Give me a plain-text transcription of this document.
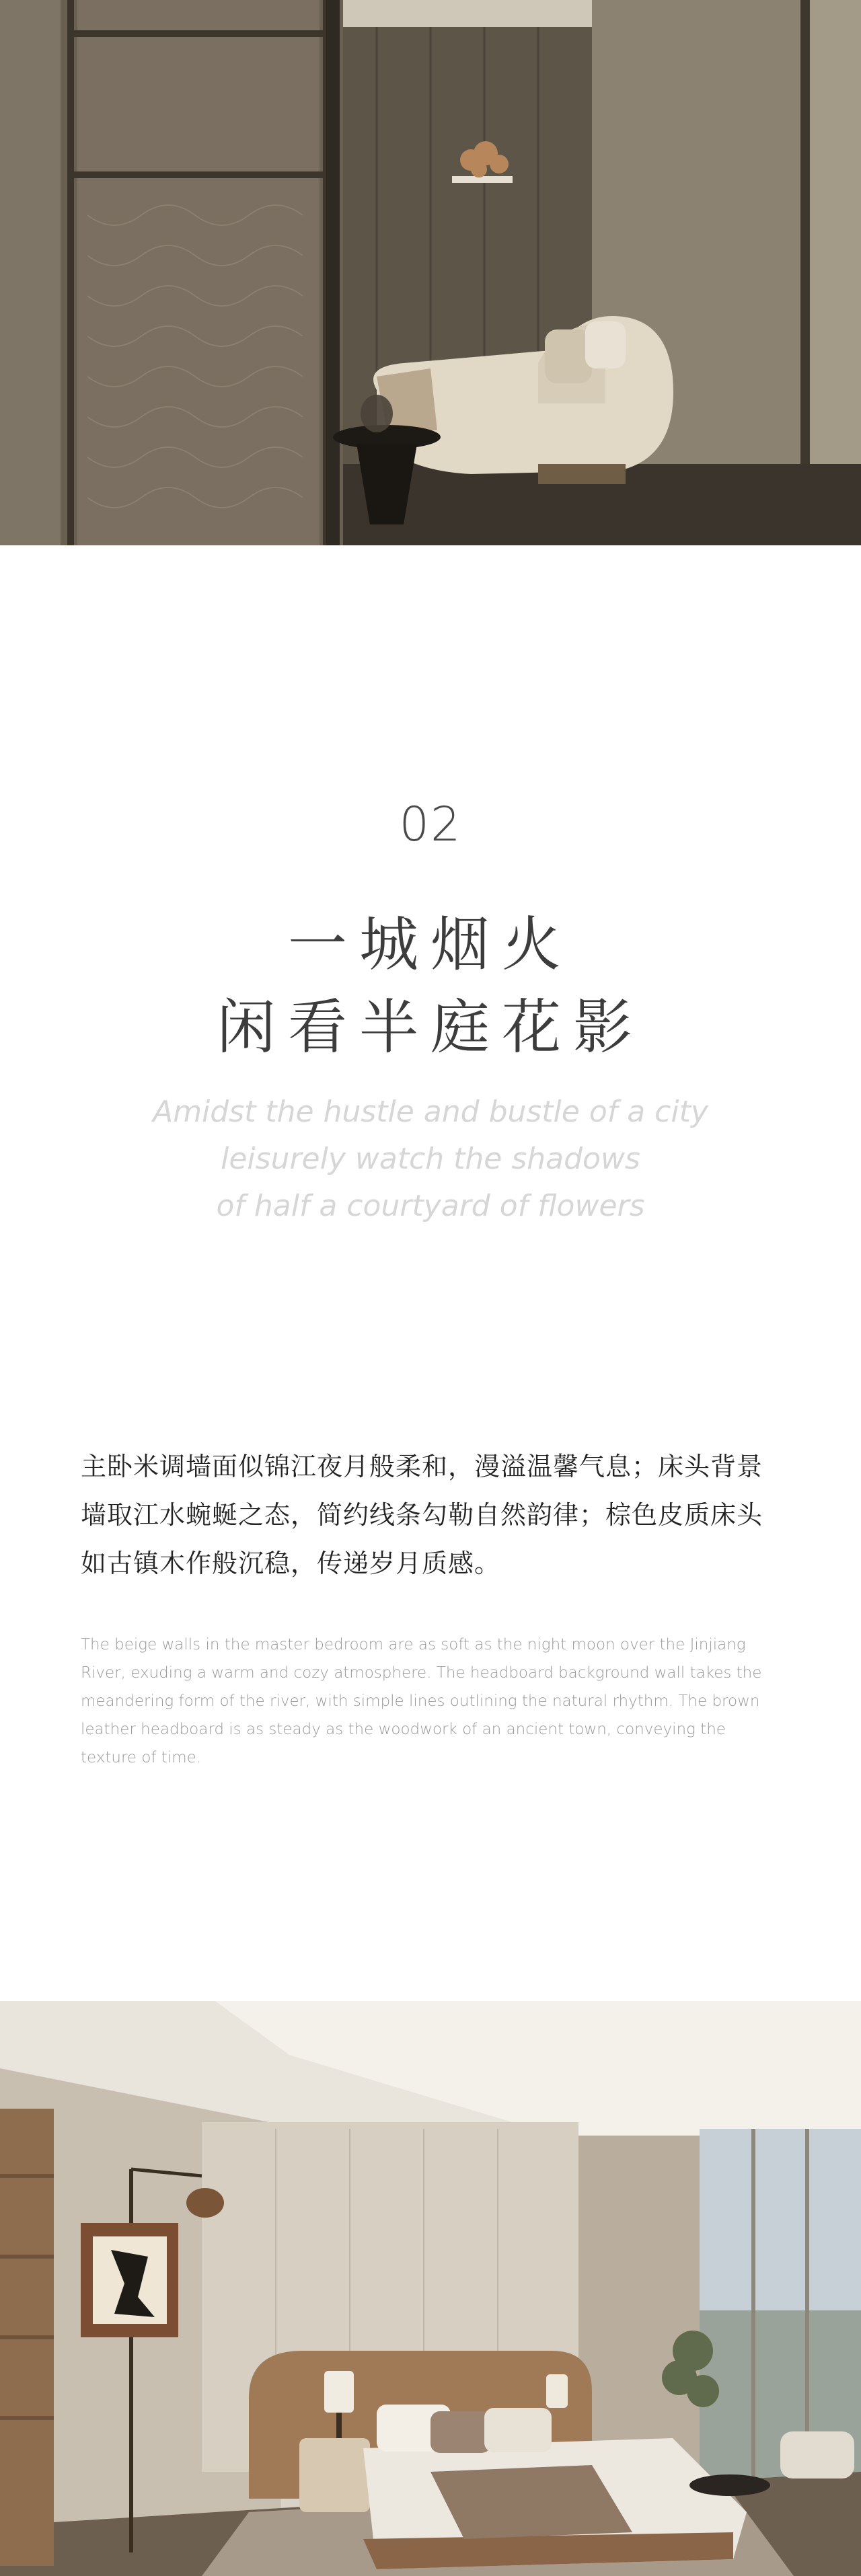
02
一城烟火
闲看半庭花影
Amidst the hustle and bustle of a city
leisurely watch the shadows
of half a courtyard of flowers

主卧米调墙面似锦江夜月般柔和，漫溢温馨气息；床头背景墙取江水蜿蜒之态，简约线条勾勒自然韵律；棕色皮质床头如古镇木作般沉稳，传递岁月质感。

The beige walls in the master bedroom are as soft as the night moon over the Jinjiang River, exuding a warm and cozy atmosphere. The headboard background wall takes the meandering form of the river, with simple lines outlining the natural rhythm. The brown leather headboard is as steady as the woodwork of an ancient town, conveying the texture of time.
